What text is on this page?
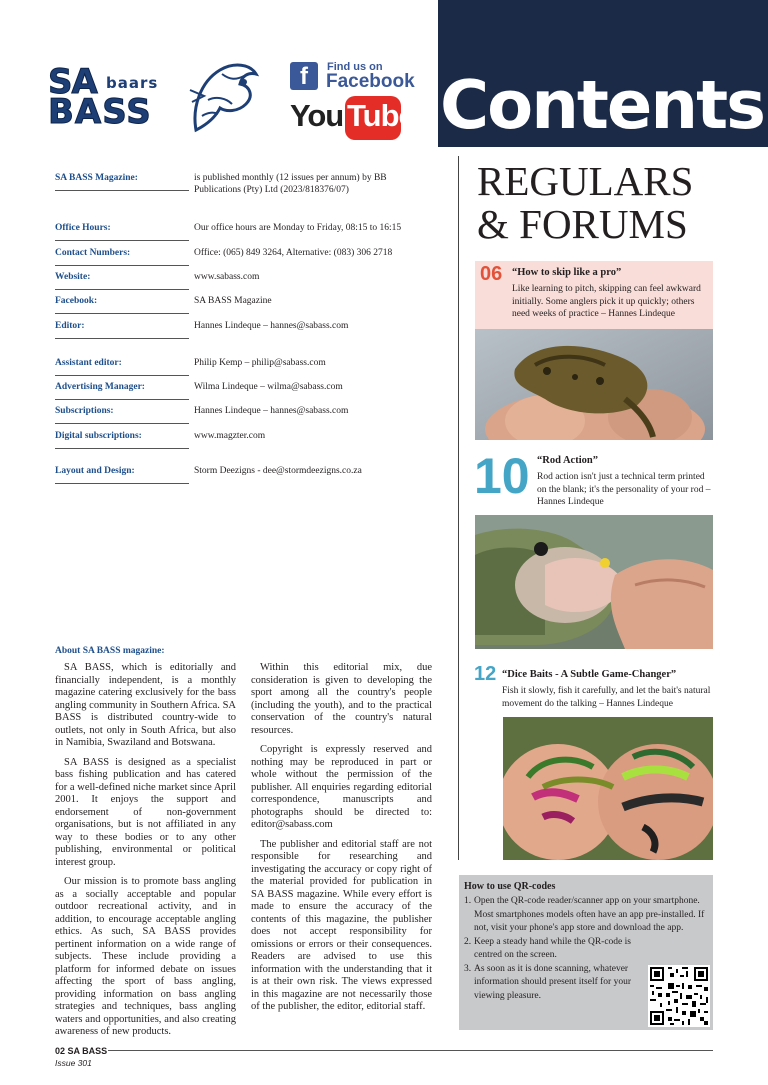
SA baars
BASS
f	Find us on
Facebook
You Tube Contents
SA BASS Magazine:	is published monthly (12 issues per annum) by BB Publications (Pty) Ltd (2023/818376/07)
Office Hours:	Our office hours are Monday to Friday, 08:15 to 16:15
Contact Numbers:	Office: (065) 849 3264, Alternative: (083) 306 2718
Website:	www.sabass.com
Facebook:	SA BASS Magazine
Editor:	Hannes Lindeque – hannes@sabass.com
Assistant editor:	Philip Kemp – philip@sabass.com
Advertising Manager:	Wilma Lindeque – wilma@sabass.com
Subscriptions:	Hannes Lindeque – hannes@sabass.com
Digital subscriptions:	www.magzter.com
Layout and Design:	Storm Deezigns - dee@stormdeezigns.co.za
About SA BASS magazine:

SA BASS, which is editorially and financially independent, is a monthly magazine catering exclusively for the bass angling community in Southern Africa. SA BASS is distributed country-wide to outlets, not only in South Africa, but also in Namibia, Swaziland and Botswana.

SA BASS is designed as a specialist bass fishing publication and has catered for a well-defined niche market since April 2001. It enjoys the support and endorsement of non-government organisations, but is not affiliated in any way to these bodies or to any other publishing, environmental or political interest group.

Our mission is to promote bass angling as a socially acceptable and popular outdoor recreational activity, and in addition, to encourage acceptable angling ethics. As such, SA BASS provides pertinent information on a wide range of subjects. These include providing a platform for informed debate on issues affecting the sport of bass angling, providing information on bass angling strategies and techniques, bass angling waters and opportunities, and also creating awareness of new products.

Within this editorial mix, due consideration is given to developing the sport among all the country's people (including the youth), and to the practical conservation of the country's natural resources.

Copyright is expressly reserved and nothing may be reproduced in part or whole without the permission of the publisher. All enquiries regarding editorial correspondence, manuscripts and photographs should be directed to: editor@sabass.com

The publisher and editorial staff are not responsible for researching and investigating the accuracy or copy right of the material provided for publication in SA BASS magazine. While every effort is made to ensure the accuracy of the contents of this magazine, the publisher does not accept responsibility for omissions or errors or their consequences. Readers are advised to use this information with the understanding that it is at their own risk. The views expressed in this magazine are not necessarily those of the publisher, the editor, editorial staff.

02 SA BASS
Issue 301
REGULARS
& FORUMS
06 “How to skip like a pro”
Like learning to pitch, skipping can feel awkward initially. Some anglers pick it up quickly; others need weeks of practice – Hannes Lindeque
10 “Rod Action”
Rod action isn't just a technical term printed on the blank; it's the personality of your rod – Hannes Lindeque
12 “Dice Baits - A Subtle Game-Changer”
Fish it slowly, fish it carefully, and let the bait's natural movement do the talking – Hannes Lindeque
How to use QR-codes
1. Open the QR-code reader/scanner app on your smartphone. Most smartphones models often have an app pre-installed. If not, visit your phone's app store and download the app.
2. Keep a steady hand while the QR-code is centred on the screen.
3. As soon as it is done scanning, whatever information should present itself for your viewing pleasure.
